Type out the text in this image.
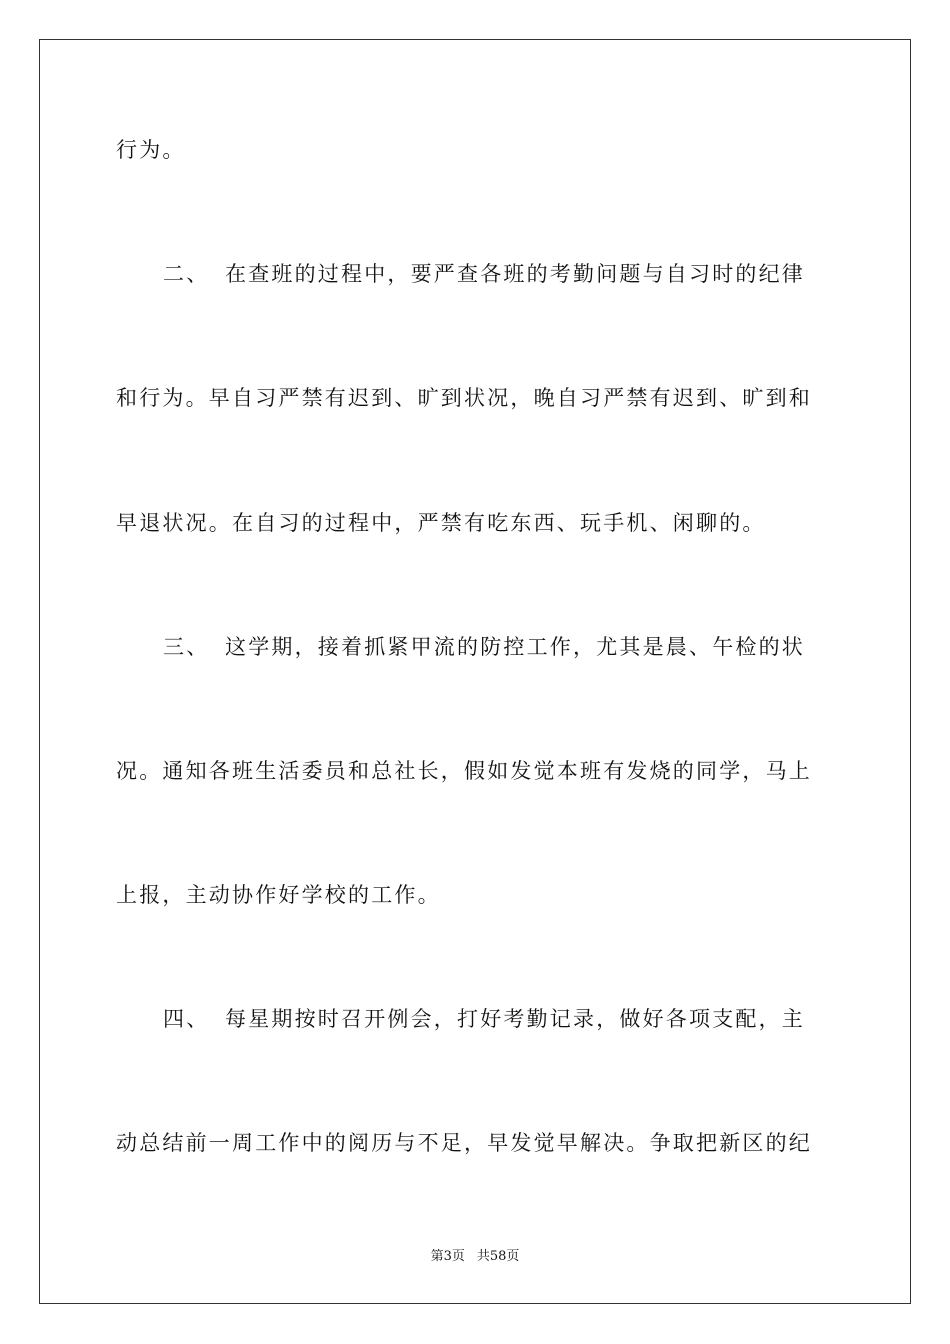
行为。
二、 在查班的过程中，要严查各班的考勤问题与自习时的纪律
和行为。早自习严禁有迟到、旷到状况，晚自习严禁有迟到、旷到和
早退状况。在自习的过程中，严禁有吃东西、玩手机、闲聊的。
三、 这学期，接着抓紧甲流的防控工作，尤其是晨、午检的状
况。通知各班生活委员和总社长，假如发觉本班有发烧的同学，马上
上报，主动协作好学校的工作。
四、 每星期按时召开例会，打好考勤记录，做好各项支配，主
动总结前一周工作中的阅历与不足，早发觉早解决。争取把新区的纪
第3页 共58页
